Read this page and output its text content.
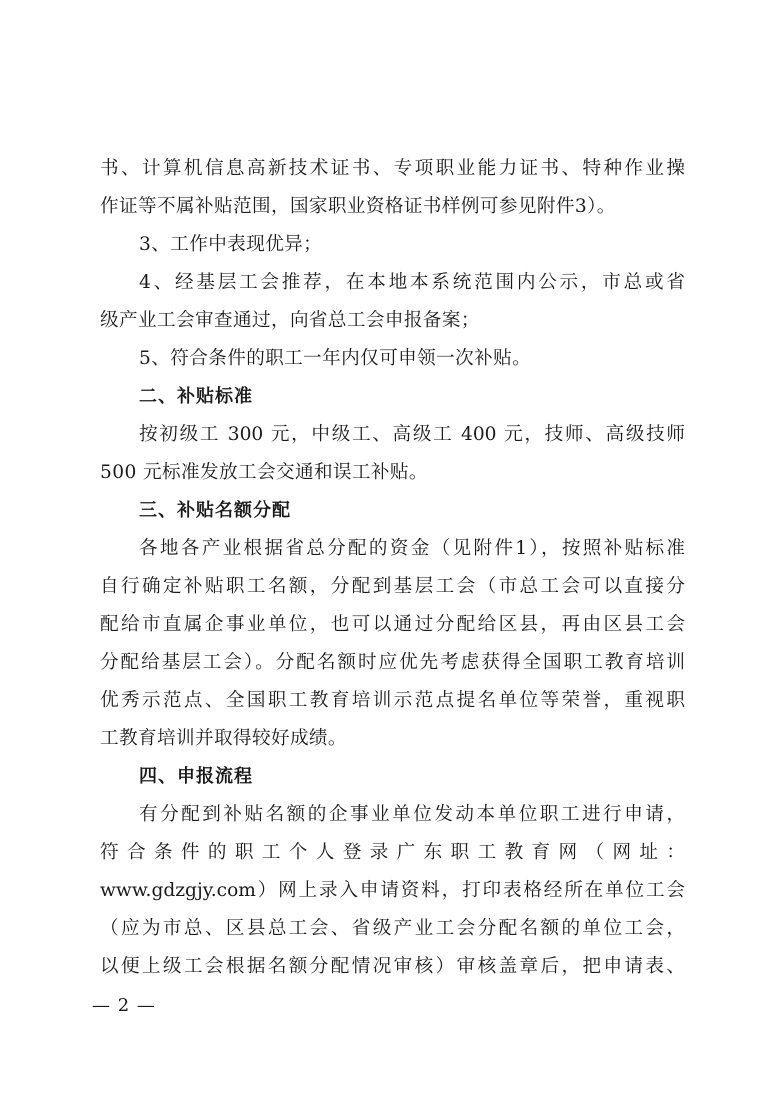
书、计算机信息高新技术证书、专项职业能力证书、特种作业操
作证等不属补贴范围，国家职业资格证书样例可参见附件3）。
3、工作中表现优异；
4、经基层工会推荐，在本地本系统范围内公示，市总或省
级产业工会审查通过，向省总工会申报备案；
5、符合条件的职工一年内仅可申领一次补贴。
二、补贴标准
按初级工 300 元，中级工、高级工 400 元，技师、高级技师
500 元标准发放工会交通和误工补贴。
三、补贴名额分配
各地各产业根据省总分配的资金（见附件1），按照补贴标准
自行确定补贴职工名额，分配到基层工会（市总工会可以直接分
配给市直属企事业单位，也可以通过分配给区县，再由区县工会
分配给基层工会）。分配名额时应优先考虑获得全国职工教育培训
优秀示范点、全国职工教育培训示范点提名单位等荣誉，重视职
工教育培训并取得较好成绩。
四、申报流程
有分配到补贴名额的企事业单位发动本单位职工进行申请，
符合条件的职工个人登录广东职工教育网（网址：
www.gdzgjy.com）网上录入申请资料，打印表格经所在单位工会
（应为市总、区县总工会、省级产业工会分配名额的单位工会，
以便上级工会根据名额分配情况审核）审核盖章后，把申请表、
— 2 —
